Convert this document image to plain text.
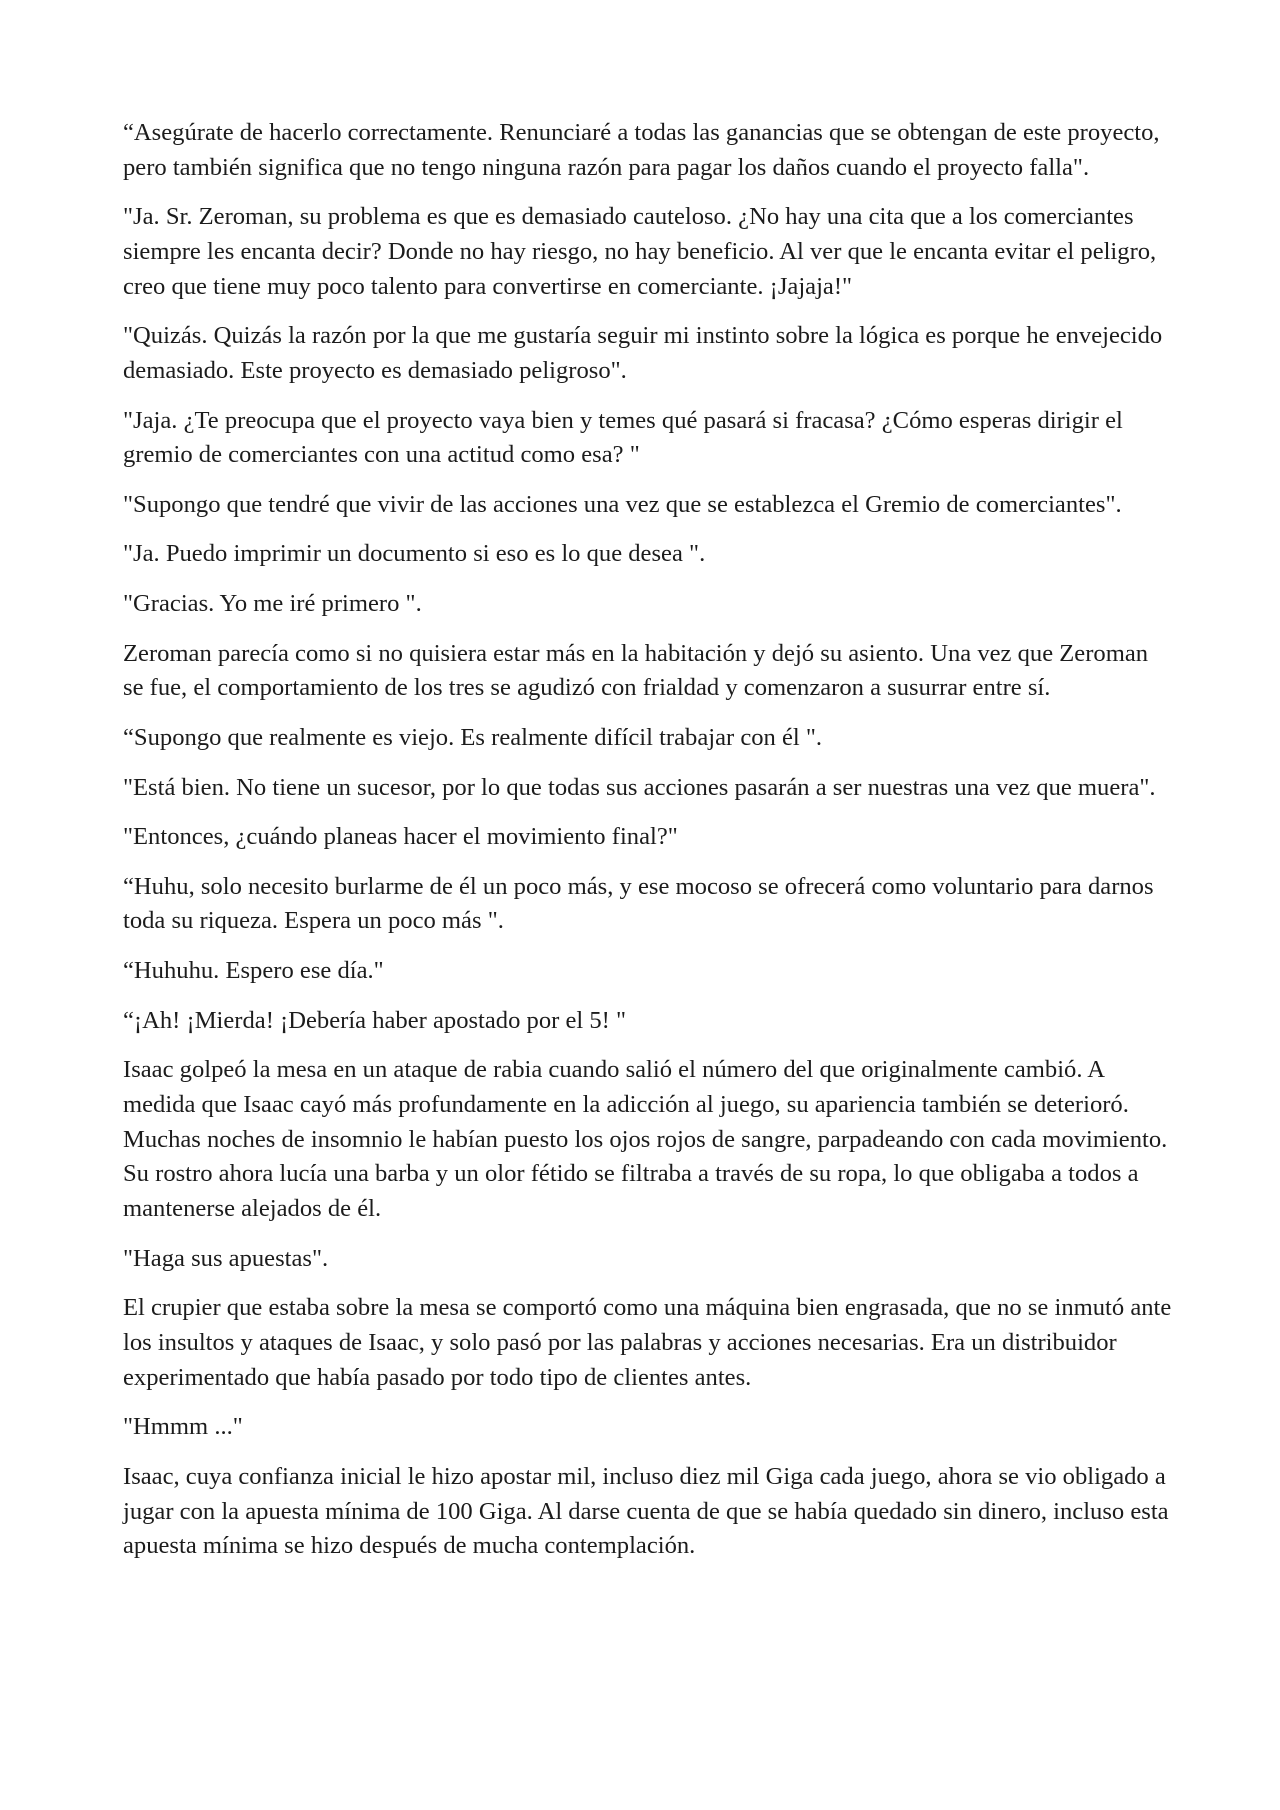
“Asegúrate de hacerlo correctamente. Renunciaré a todas las ganancias que se obtengan de este proyecto, pero también significa que no tengo ninguna razón para pagar los daños cuando el proyecto falla".

"Ja. Sr. Zeroman, su problema es que es demasiado cauteloso. ¿No hay una cita que a los comerciantes siempre les encanta decir? Donde no hay riesgo, no hay beneficio. Al ver que le encanta evitar el peligro, creo que tiene muy poco talento para convertirse en comerciante. ¡Jajaja!"

"Quizás. Quizás la razón por la que me gustaría seguir mi instinto sobre la lógica es porque he envejecido demasiado. Este proyecto es demasiado peligroso".

"Jaja. ¿Te preocupa que el proyecto vaya bien y temes qué pasará si fracasa? ¿Cómo esperas dirigir el gremio de comerciantes con una actitud como esa? "

"Supongo que tendré que vivir de las acciones una vez que se establezca el Gremio de comerciantes".

"Ja. Puedo imprimir un documento si eso es lo que desea ".

"Gracias. Yo me iré primero ".

Zeroman parecía como si no quisiera estar más en la habitación y dejó su asiento. Una vez que Zeroman se fue, el comportamiento de los tres se agudizó con frialdad y comenzaron a susurrar entre sí.

“Supongo que realmente es viejo. Es realmente difícil trabajar con él ".

"Está bien. No tiene un sucesor, por lo que todas sus acciones pasarán a ser nuestras una vez que muera".

"Entonces, ¿cuándo planeas hacer el movimiento final?"

“Huhu, solo necesito burlarme de él un poco más, y ese mocoso se ofrecerá como voluntario para darnos toda su riqueza. Espera un poco más ".

“Huhuhu. Espero ese día."

“¡Ah! ¡Mierda! ¡Debería haber apostado por el 5! "

Isaac golpeó la mesa en un ataque de rabia cuando salió el número del que originalmente cambió. A medida que Isaac cayó más profundamente en la adicción al juego, su apariencia también se deterioró. Muchas noches de insomnio le habían puesto los ojos rojos de sangre, parpadeando con cada movimiento. Su rostro ahora lucía una barba y un olor fétido se filtraba a través de su ropa, lo que obligaba a todos a mantenerse alejados de él.

"Haga sus apuestas".

El crupier que estaba sobre la mesa se comportó como una máquina bien engrasada, que no se inmutó ante los insultos y ataques de Isaac, y solo pasó por las palabras y acciones necesarias. Era un distribuidor experimentado que había pasado por todo tipo de clientes antes.

"Hmmm ..."

Isaac, cuya confianza inicial le hizo apostar mil, incluso diez mil Giga cada juego, ahora se vio obligado a jugar con la apuesta mínima de 100 Giga. Al darse cuenta de que se había quedado sin dinero, incluso esta apuesta mínima se hizo después de mucha contemplación.
